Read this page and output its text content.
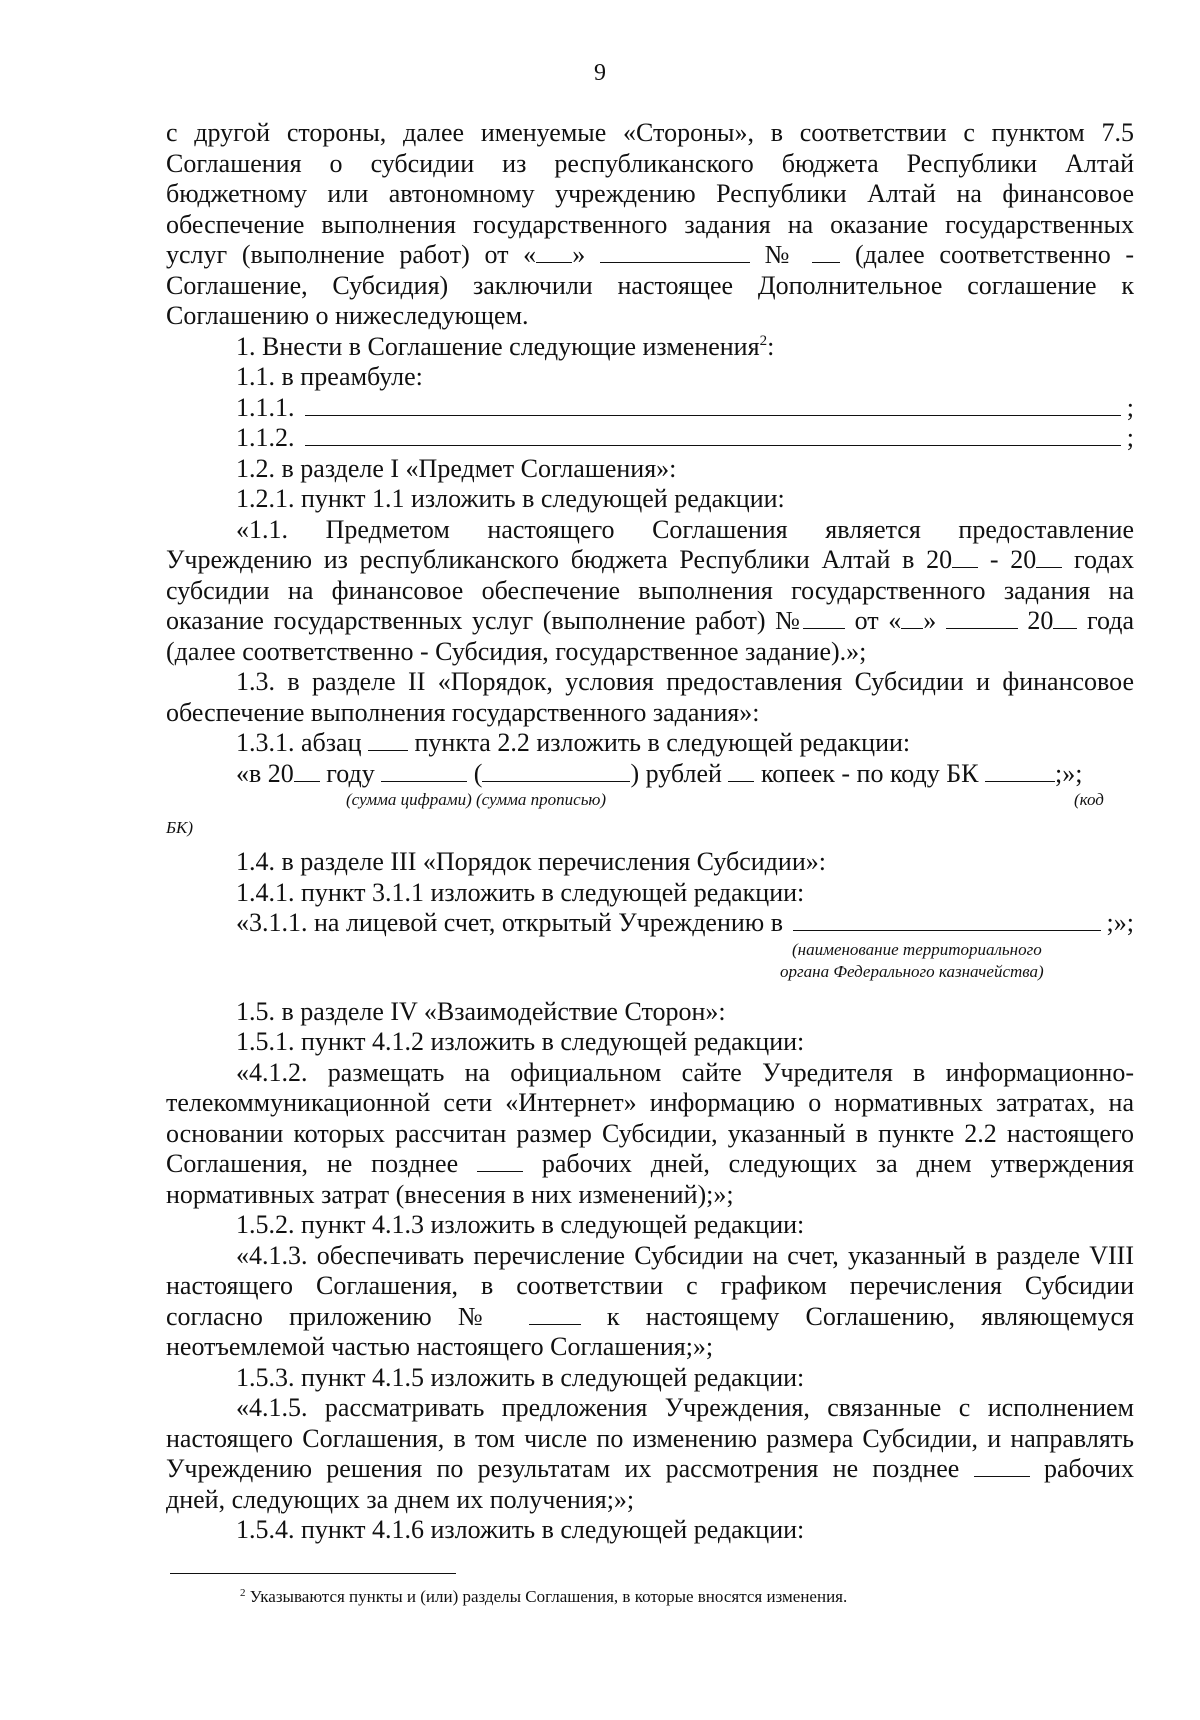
9

с другой стороны, далее именуемые «Стороны», в соответствии с пунктом 7.5

Соглашения о субсидии из республиканского бюджета Республики Алтай

бюджетному или автономному учреждению Республики Алтай на финансовое

обеспечение выполнения государственного задания на оказание государственных

услуг (выполнение работ) от « »	№ (далее соответственно -

Соглашение, Субсидия) заключили настоящее Дополнительное соглашение к

Соглашению о нижеследующем.

1. Внести в Соглашение следующие изменения$^2$:

1.1. в преамбуле:

1.1.1.	;
1.1.2.	;

1.2. в разделе I «Предмет Соглашения»:

1.2.1. пункт 1.1 изложить в следующей редакции:

«1.1. Предметом настоящего Соглашения является предоставление

Учреждению из республиканского бюджета Республики Алтай в 20 - 20 годах

субсидии на финансовое обеспечение выполнения государственного задания на

оказание государственных услуг (выполнение работ) № от « »	20 года

(далее соответственно - Субсидия, государственное задание).»;

1.3. в разделе II «Порядок, условия предоставления Субсидии и финансовое

обеспечение выполнения государственного задания»:

1.3.1. абзац пункта 2.2 изложить в следующей редакции:

«в 20 году	(	) рублей копеек - по коду БК	;»;

(сумма цифрами) (сумма прописью)	(код
БК)

1.4. в разделе III «Порядок перечисления Субсидии»:

1.4.1. пункт 3.1.1 изложить в следующей редакции:

«3.1.1. на лицевой счет, открытый Учреждению в	;»;
(наименование территориального
органа Федерального казначейства)

1.5. в разделе IV «Взаимодействие Сторон»:

1.5.1. пункт 4.1.2 изложить в следующей редакции:

«4.1.2. размещать на официальном сайте Учредителя в информационно-

телекоммуникационной сети «Интернет» информацию о нормативных затратах, на

основании которых рассчитан размер Субсидии, указанный в пункте 2.2 настоящего

Соглашения, не позднее	рабочих дней, следующих за днем утверждения

нормативных затрат (внесения в них изменений);»;

1.5.2. пункт 4.1.3 изложить в следующей редакции:

«4.1.3. обеспечивать перечисление Субсидии на счет, указанный в разделе VIII

настоящего Соглашения, в соответствии с графиком перечисления Субсидии

согласно приложению №	к настоящему Соглашению, являющемуся

неотъемлемой частью настоящего Соглашения;»;

1.5.3. пункт 4.1.5 изложить в следующей редакции:

«4.1.5. рассматривать предложения Учреждения, связанные с исполнением

настоящего Соглашения, в том числе по изменению размера Субсидии, и направлять

Учреждению решения по результатам их рассмотрения не позднее	рабочих

дней, следующих за днем их получения;»;

1.5.4. пункт 4.1.6 изложить в следующей редакции:

$^2$ Указываются пункты и (или) разделы Соглашения, в которые вносятся изменения.
